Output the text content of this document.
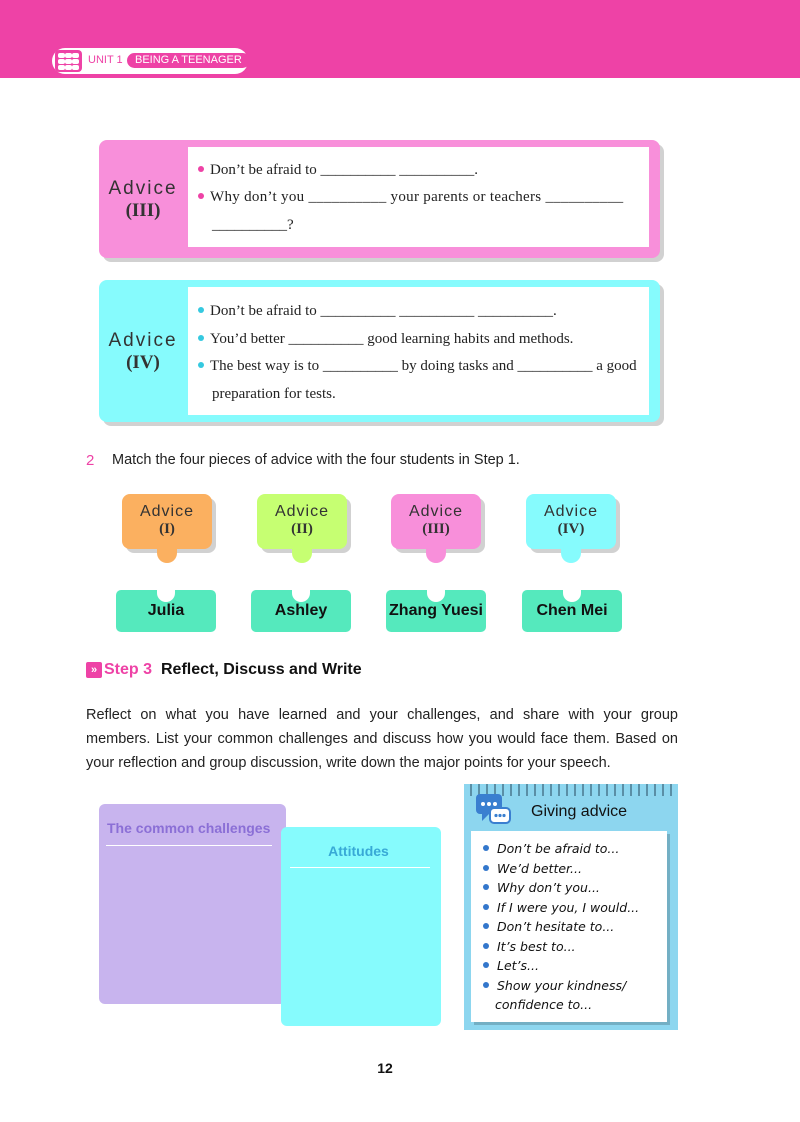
UNIT 1	BEING A TEENAGER
Advice
(III)
Don’t be afraid to __________ __________.
Why don’t you __________ your parents or teachers __________
__________?
Advice
(IV)
Don’t be afraid to __________ __________ __________.
You’d better __________ good learning habits and methods.
The best way is to __________ by doing tasks and __________ a good
preparation for tests.
2 Match the four pieces of advice with the four students in Step 1.
Advice
(I)
Advice
(II)
Advice
(III)
Advice
(IV)
Julia	Ashley	Zhang Yuesi	Chen Mei
» Step 3 Reflect, Discuss and Write
Reflect on what you have learned and your challenges, and share with your group members. List your common challenges and discuss how you would face them. Based on your reflection and group discussion, write down the major points for your speech.
The common challenges
Attitudes
Giving advice
Don’t be afraid to...
We’d better...
Why don’t you...
If I were you, I would...
Don’t hesitate to...
It’s best to...
Let’s...
Show your kindness/
confidence to...
12
